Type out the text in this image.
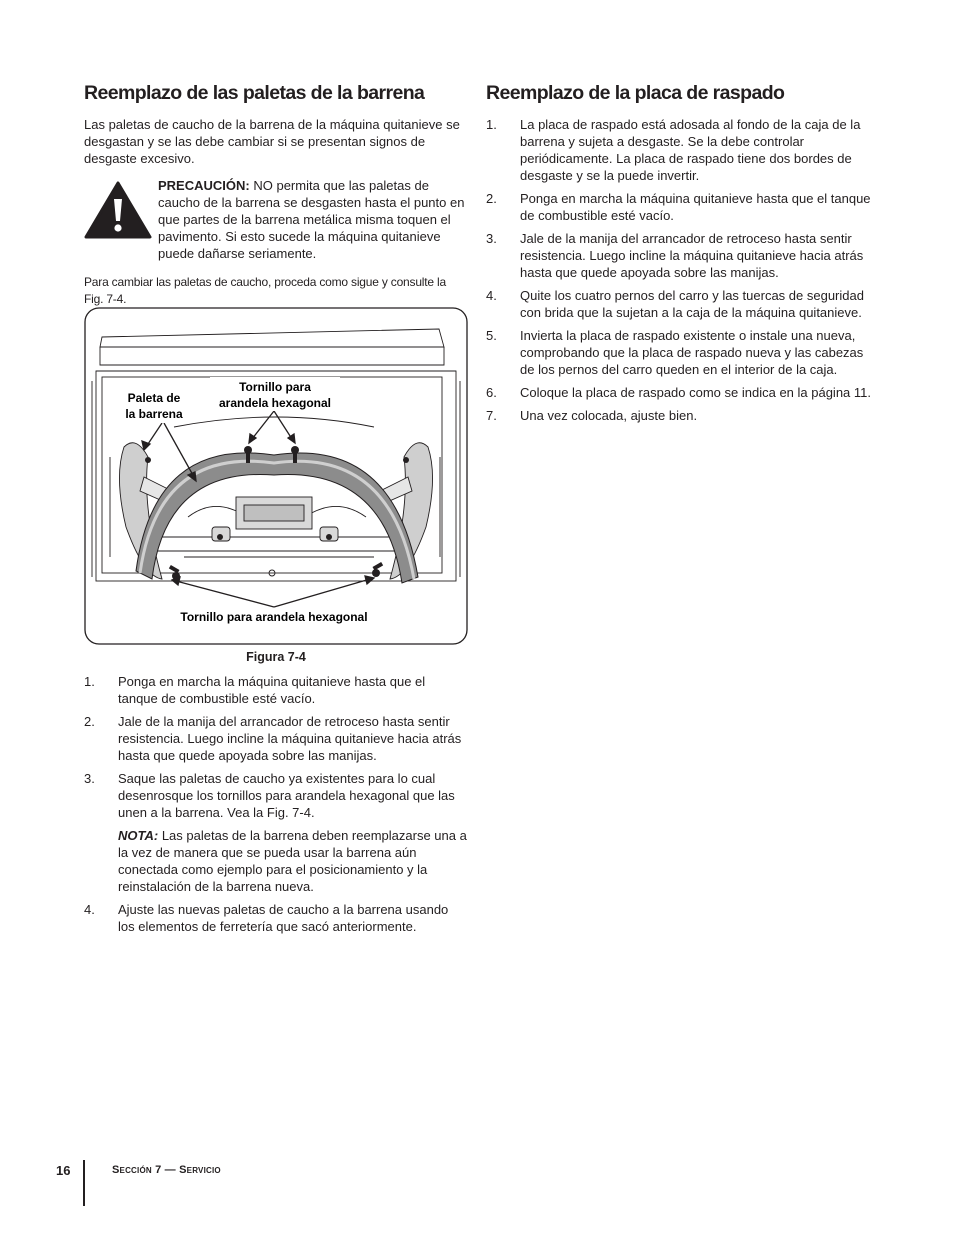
Reemplazo de las paletas de la barrena

Las paletas de caucho de la barrena de la máquina quitanieve se desgastan y se las debe cambiar si se presentan signos de desgaste excesivo.

PRECAUCIÓN: NO permita que las paletas de caucho de la barrena se desgasten hasta el punto en que partes de la barrena metálica misma toquen el pavimento. Si esto sucede la máquina quitanieve puede dañarse seriamente.

Para cambiar las paletas de caucho, proceda como sigue y consulte la Fig. 7-4.

Paleta de
la barrena
Tornillo para
arandela hexagonal
Tornillo para arandela hexagonal
Figura 7-4
1.	Ponga en marcha la máquina quitanieve hasta que el tanque de combustible esté vacío.
2.	Jale de la manija del arrancador de retroceso hasta sentir resistencia. Luego incline la máquina quitanieve hacia atrás hasta que quede apoyada sobre las manijas.
3.	Saque las paletas de caucho ya existentes para lo cual desenrosque los tornillos para arandela hexagonal que las unen a la barrena. Vea la Fig. 7-4.
NOTA: Las paletas de la barrena deben reemplazarse una a la vez de manera que se pueda usar la barrena aún conectada como ejemplo para el posicionamiento y la reinstalación de la barrena nueva.
4.	Ajuste las nuevas paletas de caucho a la barrena usando los elementos de ferretería que sacó anteriormente.
Reemplazo de la placa de raspado
1.	La placa de raspado está adosada al fondo de la caja de la barrena y sujeta a desgaste. Se la debe controlar periódicamente. La placa de raspado tiene dos bordes de desgaste y se la puede invertir.
2.	Ponga en marcha la máquina quitanieve hasta que el tanque de combustible esté vacío.
3.	Jale de la manija del arrancador de retroceso hasta sentir resistencia. Luego incline la máquina quitanieve hacia atrás hasta que quede apoyada sobre las manijas.
4.	Quite los cuatro pernos del carro y las tuercas de seguridad con brida que la sujetan a la caja de la máquina quitanieve.
5.	Invierta la placa de raspado existente o instale una nueva, comprobando que la placa de raspado nueva y las cabezas de los pernos del carro queden en el interior de la caja.
6.	Coloque la placa de raspado como se indica en la página 11.
7.	Una vez colocada, ajuste bien.
16	Sección 7 — Servicio
